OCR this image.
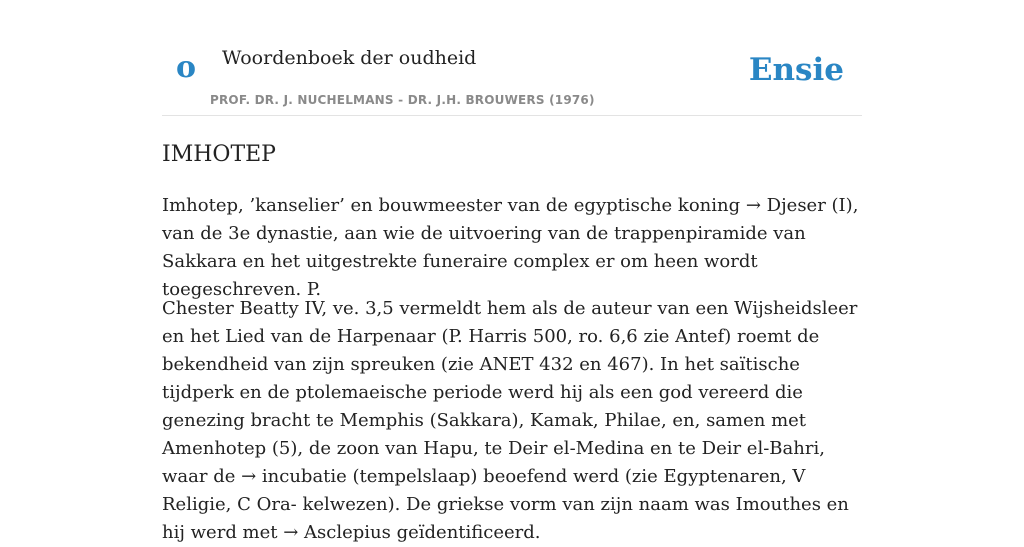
o Woordenboek der oudheid
PROF. DR. J. NUCHELMANS - DR. J.H. BROUWERS (1976)
Ensie
IMHOTEP

Imhotep, ’kanselier’ en bouwmeester van de egyptische koning → Djeser (I), van de 3e dynastie, aan wie de uitvoering van de trappenpiramide van Sakkara en het uitgestrekte funeraire complex er om heen wordt toegeschreven. P.

Chester Beatty IV, ve. 3,5 vermeldt hem als de auteur van een Wijsheidsleer en het Lied van de Harpenaar (P. Harris 500, ro. 6,6 zie Antef) roemt de bekendheid van zijn spreuken (zie ANET 432 en 467). In het saïtische tijdperk en de ptolemaeische periode werd hij als een god vereerd die genezing bracht te Memphis (Sakkara), Kamak, Philae, en, samen met Amenhotep (5), de zoon van Hapu, te Deir el-Medina en te Deir el-Bahri, waar de → incubatie (tempelslaap) beoefend werd (zie Egyptenaren, V Religie, C Ora- kelwezen). De griekse vorm van zijn naam was Imouthes en hij werd met → Asclepius geïdentificeerd.
